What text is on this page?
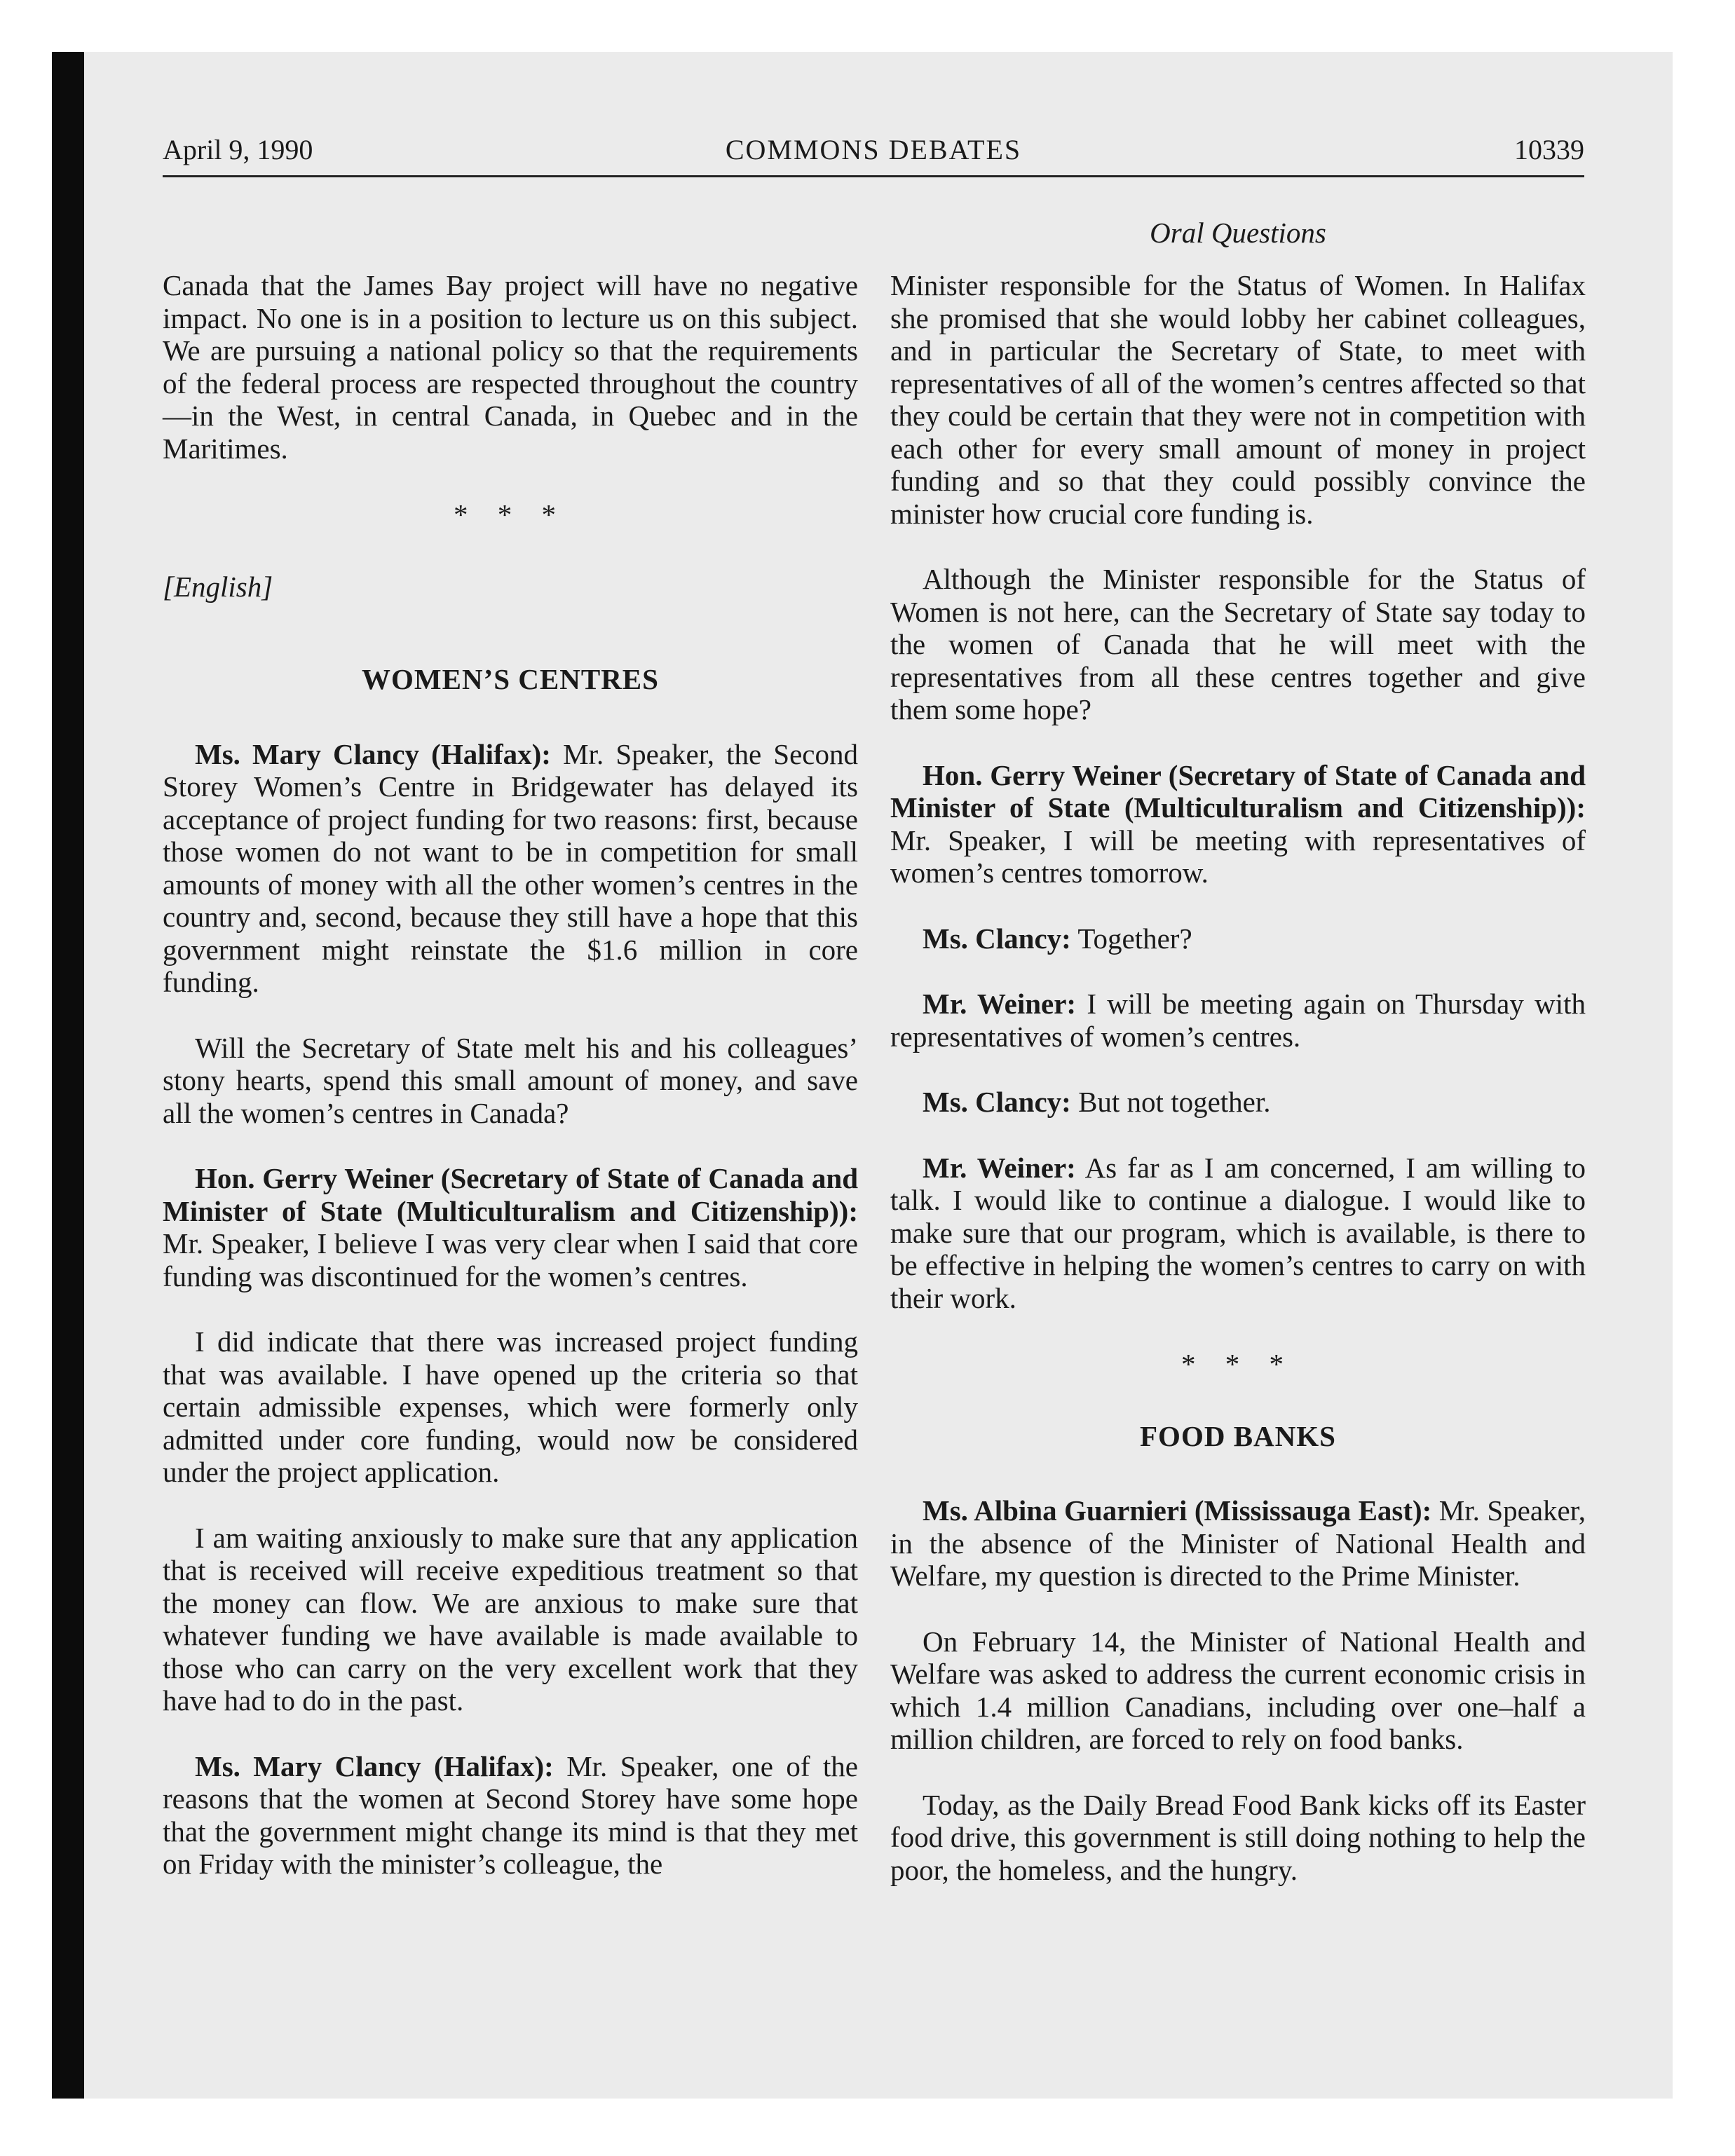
April 9, 1990	COMMONS DEBATES	10339
Oral Questions

Canada that the James Bay project will have no negative impact. No one is in a position to lecture us on this subject. We are pursuing a national policy so that the requirements of the federal process are respected throughout the country—in the West, in central Canada, in Quebec and in the Maritimes.

* * *
[English]
WOMEN’S CENTRES

Ms. Mary Clancy (Halifax): Mr. Speaker, the Second Storey Women’s Centre in Bridgewater has delayed its acceptance of project funding for two reasons: first, because those women do not want to be in competition for small amounts of money with all the other women’s centres in the country and, second, because they still have a hope that this government might reinstate the $1.6 million in core funding.

Will the Secretary of State melt his and his colleagues’ stony hearts, spend this small amount of money, and save all the women’s centres in Canada?

Hon. Gerry Weiner (Secretary of State of Canada and Minister of State (Multiculturalism and Citizenship)): Mr. Speaker, I believe I was very clear when I said that core funding was discontinued for the women’s centres.

I did indicate that there was increased project funding that was available. I have opened up the criteria so that certain admissible expenses, which were formerly only admitted under core funding, would now be considered under the project application.

I am waiting anxiously to make sure that any application that is received will receive expeditious treatment so that the money can flow. We are anxious to make sure that whatever funding we have available is made available to those who can carry on the very excellent work that they have had to do in the past.

Ms. Mary Clancy (Halifax): Mr. Speaker, one of the reasons that the women at Second Storey have some hope that the government might change its mind is that they met on Friday with the minister’s colleague, the

Minister responsible for the Status of Women. In Halifax she promised that she would lobby her cabinet colleagues, and in particular the Secretary of State, to meet with representatives of all of the women’s centres affected so that they could be certain that they were not in competition with each other for every small amount of money in project funding and so that they could possibly convince the minister how crucial core funding is.

Although the Minister responsible for the Status of Women is not here, can the Secretary of State say today to the women of Canada that he will meet with the representatives from all these centres together and give them some hope?

Hon. Gerry Weiner (Secretary of State of Canada and Minister of State (Multiculturalism and Citizenship)): Mr. Speaker, I will be meeting with representatives of women’s centres tomorrow.

Ms. Clancy: Together?

Mr. Weiner: I will be meeting again on Thursday with representatives of women’s centres.

Ms. Clancy: But not together.

Mr. Weiner: As far as I am concerned, I am willing to talk. I would like to continue a dialogue. I would like to make sure that our program, which is available, is there to be effective in helping the women’s centres to carry on with their work.

* * *
FOOD BANKS

Ms. Albina Guarnieri (Mississauga East): Mr. Speaker, in the absence of the Minister of National Health and Welfare, my question is directed to the Prime Minister.

On February 14, the Minister of National Health and Welfare was asked to address the current economic crisis in which 1.4 million Canadians, including over one–half a million children, are forced to rely on food banks.

Today, as the Daily Bread Food Bank kicks off its Easter food drive, this government is still doing nothing to help the poor, the homeless, and the hungry.
